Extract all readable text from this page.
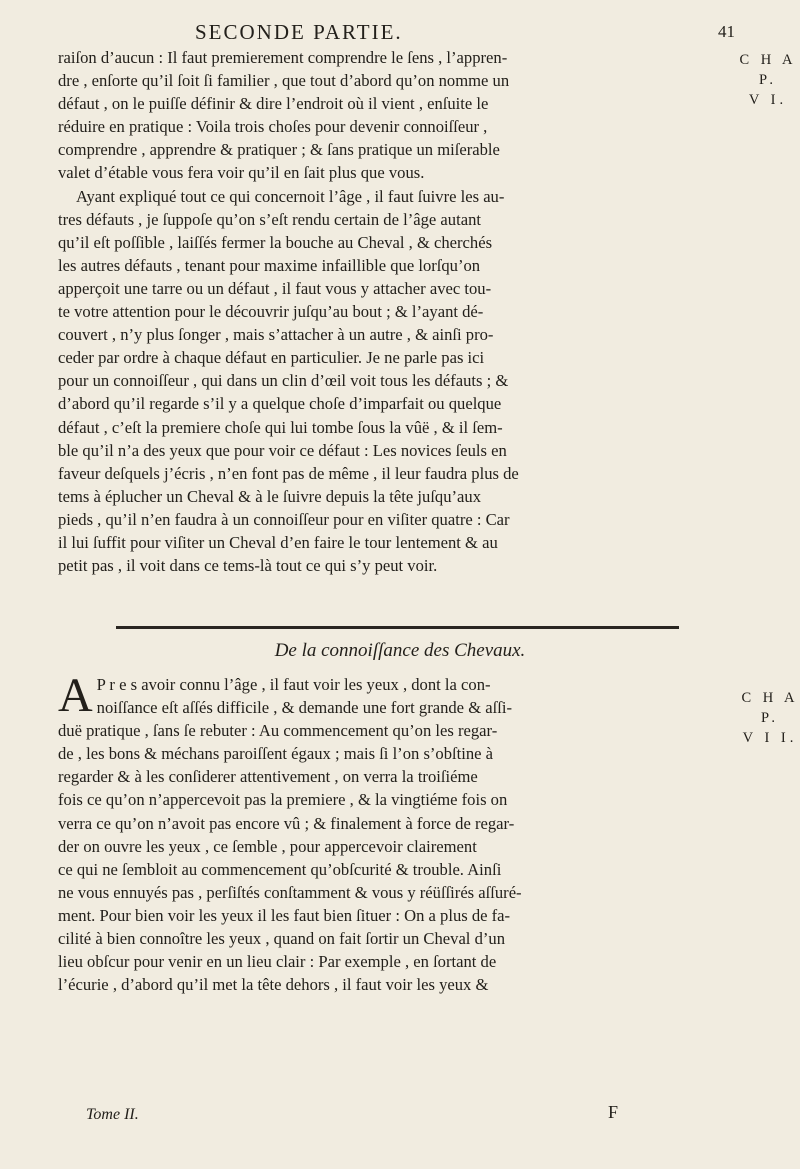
SECONDE PARTIE.	41
C H A P.
V I.
raiſon d’aucun : Il faut premierement comprendre le ſens , l’appren-
dre , enſorte qu’il ſoit ſi familier , que tout d’abord qu’on nomme un
défaut , on le puiſſe définir & dire l’endroit où il vient , enſuite le
réduire en pratique : Voila trois choſes pour devenir connoiſſeur ,
comprendre , apprendre & pratiquer ; & ſans pratique un miſerable
valet d’étable vous fera voir qu’il en ſait plus que vous.
Ayant expliqué tout ce qui concernoit l’âge , il faut ſuivre les au-
tres défauts , je ſuppoſe qu’on s’eſt rendu certain de l’âge autant
qu’il eſt poſſible , laiſſés fermer la bouche au Cheval , & cherchés
les autres défauts , tenant pour maxime infaillible que lorſqu’on
apperçoit une tarre ou un défaut , il faut vous y attacher avec tou-
te votre attention pour le découvrir juſqu’au bout ; & l’ayant dé-
couvert , n’y plus ſonger , mais s’attacher à un autre , & ainſi pro-
ceder par ordre à chaque défaut en particulier. Je ne parle pas ici
pour un connoiſſeur , qui dans un clin d’œil voit tous les défauts ; &
d’abord qu’il regarde s’il y a quelque choſe d’imparfait ou quelque
défaut , c’eſt la premiere choſe qui lui tombe ſous la vûë , & il ſem-
ble qu’il n’a des yeux que pour voir ce défaut : Les novices ſeuls en
faveur deſquels j’écris , n’en font pas de même , il leur faudra plus de
tems à éplucher un Cheval & à le ſuivre depuis la tête juſqu’aux
pieds , qu’il n’en faudra à un connoiſſeur pour en viſiter quatre : Car
il lui ſuffit pour viſiter un Cheval d’en faire le tour lentement & au
petit pas , il voit dans ce tems-là tout ce qui s’y peut voir.
De la connoiſſance des Chevaux.
C H A P.
V I I.
A P r e s avoir connu l’âge , il faut voir les yeux , dont la con-
noiſſance eſt aſſés difficile , & demande une fort grande & aſſi-
duë pratique , ſans ſe rebuter : Au commencement qu’on les regar-
de , les bons & méchans paroiſſent égaux ; mais ſi l’on s’obſtine à
regarder & à les conſiderer attentivement , on verra la troiſiéme
fois ce qu’on n’appercevoit pas la premiere , & la vingtiéme fois on
verra ce qu’on n’avoit pas encore vû ; & finalement à force de regar-
der on ouvre les yeux , ce ſemble , pour appercevoir clairement
ce qui ne ſembloit au commencement qu’obſcurité & trouble. Ainſi
ne vous ennuyés pas , perſiſtés conſtamment & vous y réüſſirés aſſuré-
ment. Pour bien voir les yeux il les faut bien ſituer : On a plus de fa-
cilité à bien connoître les yeux , quand on fait ſortir un Cheval d’un
lieu obſcur pour venir en un lieu clair : Par exemple , en ſortant de
l’écurie , d’abord qu’il met la tête dehors , il faut voir les yeux &
Tome II.	F
